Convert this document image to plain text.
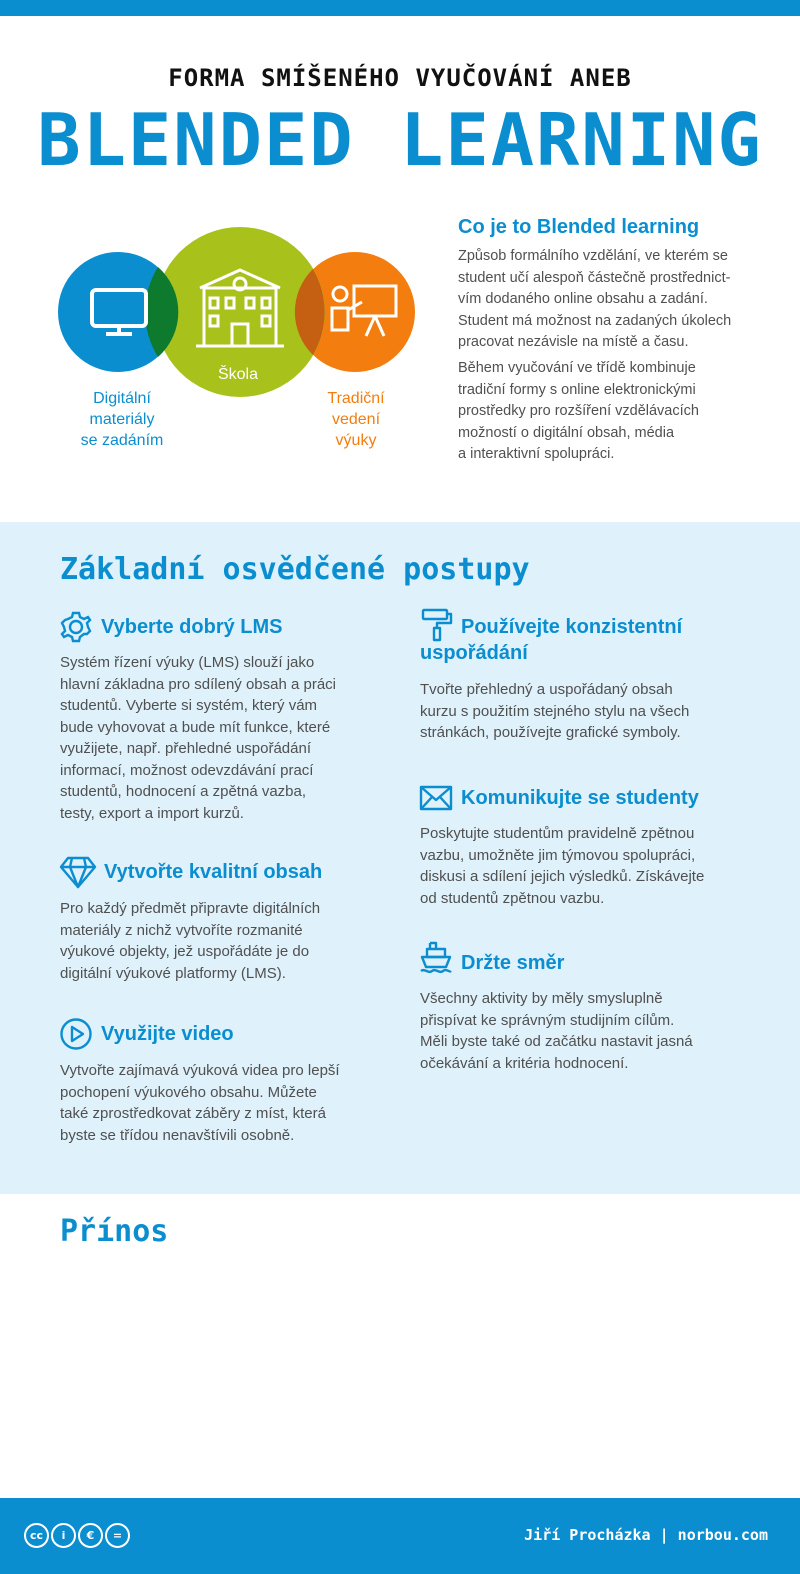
FORMA SMÍŠENÉHO VYUČOVÁNÍ ANEB
BLENDED LEARNING
Digitální
materiály
se zadáním
Škola
Tradiční
vedení
výuky
Co je to Blended learning
Způsob formálního vzdělání, ve kterém se
student učí alespoň částečně prostřednict-
vím dodaného online obsahu a zadání.
Student má možnost na zadaných úkolech
pracovat nezávisle na místě a času.
Během vyučování ve třídě kombinuje
tradiční formy s online elektronickými
prostředky pro rozšíření vzdělávacích
možností o digitální obsah, média
a interaktivní spolupráci.
Základní osvědčené postupy
Vyberte dobrý LMS
Systém řízení výuky (LMS) slouží jako
hlavní základna pro sdílený obsah a práci
studentů. Vyberte si systém, který vám
bude vyhovovat a bude mít funkce, které
využijete, např. přehledné uspořádání
informací, možnost odevzdávání prací
studentů, hodnocení a zpětná vazba,
testy, export a import kurzů.
Vytvořte kvalitní obsah
Pro každý předmět připravte digitálních
materiály z nichž vytvoříte rozmanité
výukové objekty, jež uspořádáte je do
digitální výukové platformy (LMS).
Využijte video
Vytvořte zajímavá výuková videa pro lepší
pochopení výukového obsahu. Můžete
také zprostředkovat záběry z míst, která
byste se třídou nenavštívili osobně.
Používejte konzistentní
uspořádání
Tvořte přehledný a uspořádaný obsah
kurzu s použitím stejného stylu na všech
stránkách, používejte grafické symboly.
Komunikujte se studenty
Poskytujte studentům pravidelně zpětnou
vazbu, umožněte jim týmovou spolupráci,
diskusi a sdílení jejich výsledků. Získávejte
od studentů zpětnou vazbu.
Držte směr
Všechny aktivity by měly smysluplně
přispívat ke správným studijním cílům.
Měli byste také od začátku nastavit jasná
očekávání a kritéria hodnocení.
Přínos
cc	i	€	=	Jiří Procházka | norbou.com
